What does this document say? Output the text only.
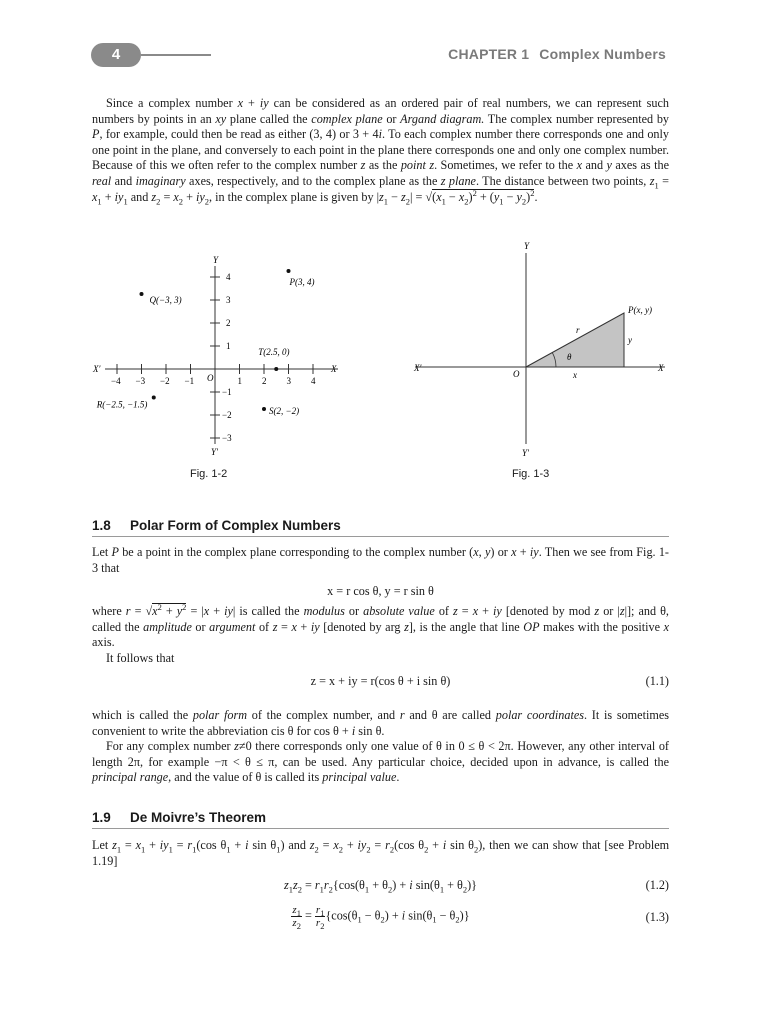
4	CHAPTER 1 Complex Numbers

Since a complex number x + iy can be considered as an ordered pair of real numbers, we can represent such numbers by points in an xy plane called the complex plane or Argand diagram. The complex number represented by P, for example, could then be read as either (3, 4) or 3 + 4i. To each complex number there corresponds one and only one point in the plane, and conversely to each point in the plane there corresponds one and only one complex number. Because of this we often refer to the complex number z as the point z. Sometimes, we refer to the x and y axes as the real and imaginary axes, respectively, and to the complex plane as the z plane. The distance between two points, $z_1 = x_1 + iy_1$ and $z_2 = x_2 + iy_2$, in the complex plane is given by $|z_1 - z_2| = √(x_1 - x_2)^2 + (y_1 - y_2)^2$.

Y
Y′
X
X′
O
−4 −3 −2 −1	1 2 3 4
4
3
2
1
−1
−2
−3
P(3, 4)
Q(−3, 3)
T(2.5, 0)
R(−2.5, −1.5)
S(2, −2)
Fig. 1-2
Y
Y′
X
X′
O
P(x, y)
r
θ
x
y
Fig. 1-3
1.8 Polar Form of Complex Numbers

Let P be a point in the complex plane corresponding to the complex number (x, y) or x + iy. Then we see from Fig. 1-3 that

x = r cos θ, y = r sin θ

where $r = √x^2 + y^2 = |x + iy|$ is called the modulus or absolute value of z = x + iy [denoted by mod z or |z|]; and θ, called the amplitude or argument of z = x + iy [denoted by arg z], is the angle that line OP makes with the positive x axis.

It follows that

z = x + iy = r(cos θ + i sin θ)	(1.1)

which is called the polar form of the complex number, and r and θ are called polar coordinates. It is sometimes convenient to write the abbreviation cis θ for cos θ + i sin θ.

For any complex number z≠0 there corresponds only one value of θ in 0 ≤ θ < 2π. However, any other interval of length 2π, for example −π < θ ≤ π, can be used. Any particular choice, decided upon in advance, is called the principal range, and the value of θ is called its principal value.

1.9 De Moivre’s Theorem

Let $z_1 = x_1 + iy_1 = r_1(\cos$ $\theta_1 + i$ $\sin \theta_1$) and $z_2 = x_2 + iy_2 = r_2(\cos$ $\theta_2 + i$ $\sin \theta_2$), then we can show that [see Problem 1.19]

$z_1z_2 = r_1r_2\{\cos(\theta_1 + \theta_2) + i$ $\sin(\theta_1 + \theta_2)$}	(1.2)
$\frac{z_1}{z_2} = \frac{r_1}{r_2} \{\cos(\theta_1 - \theta_2) + i$ $\sin(\theta_1 - \theta_2)$}	(1.3)
